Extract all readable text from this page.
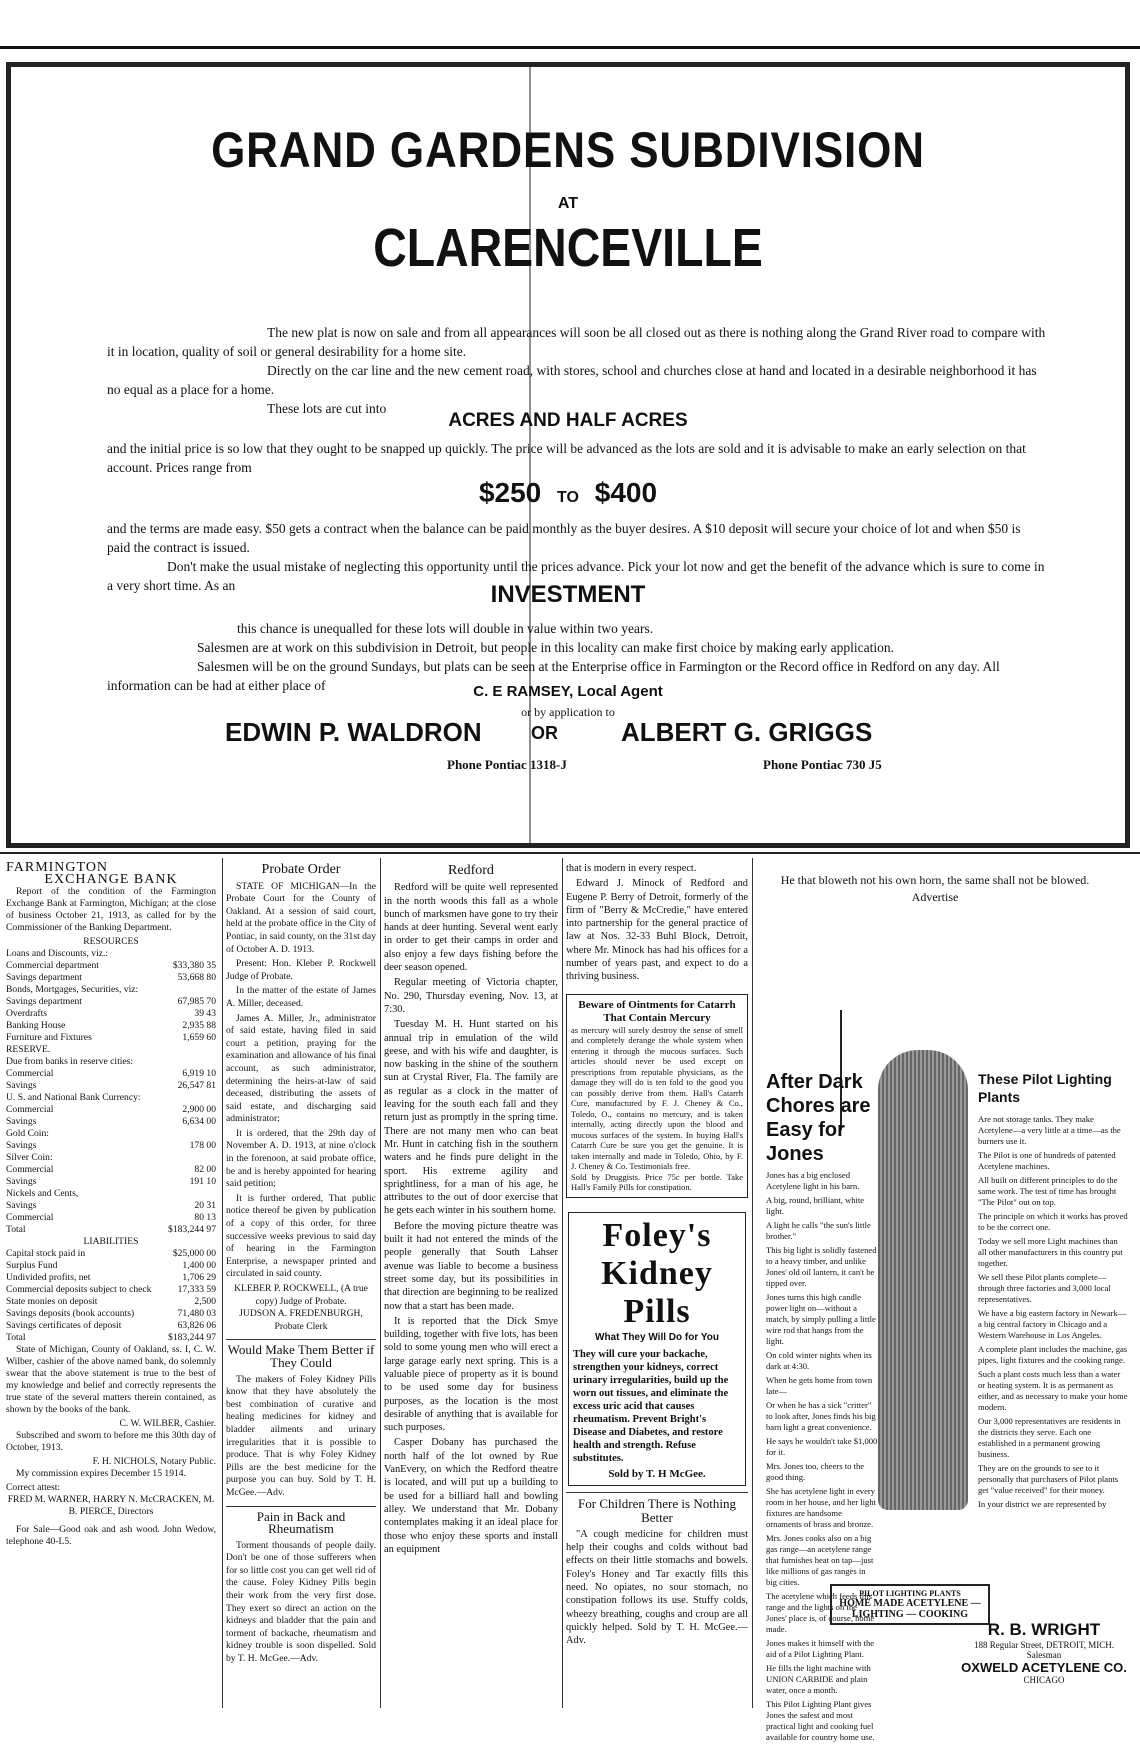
GRAND GARDENS SUBDIVISION
AT
CLARENCEVILLE

The new plat is now on sale and from all appearances will soon be all closed out as there is nothing along the Grand River road to compare with it in location, quality of soil or general desirability for a home site.

Directly on the car line and the new cement road, with stores, school and churches close at hand and located in a desirable neighborhood it has no equal as a place for a home.

These lots are cut into

ACRES AND HALF ACRES

and the initial price is so low that they ought to be snapped up quickly. The price will be advanced as the lots are sold and it is advisable to make an early selection on that account. Prices range from

$250 TO $400

and the terms are made easy. $50 gets a contract when the balance can be paid monthly as the buyer desires. A $10 deposit will secure your choice of lot and when $50 is paid the contract is issued.

Don't make the usual mistake of neglecting this opportunity until the prices advance. Pick your lot now and get the benefit of the advance which is sure to come in a very short time. As an	INVESTMENT

this chance is unequalled for these lots will double in value within two years.

Salesmen are at work on this subdivision in Detroit, but people in this locality can make first choice by making early application.

Salesmen will be on the ground Sundays, but plats can be seen at the Enterprise office in Farmington or the Record office in Redford on any day. All information can be had at either place of	C. E RAMSEY, Local Agent
or by application to
EDWIN P. WALDRON	OR ALBERT G. GRIGGS
Phone Pontiac 1318-J	Phone Pontiac 730 J5
FARMINGTON
EXCHANGE BANK

Report of the condition of the Farmington Exchange Bank at Farmington, Michigan; at the close of business October 21, 1913, as called for by the Commissioner of the Banking Department.

RESOURCES
Loans and Discounts, viz.:
Commercial department	$33,380 35
Savings department	53,668 80
Bonds, Mortgages, Securities, viz:
Savings department	67,985 70
Overdrafts	39 43
Banking House	2,935 88
Furniture and Fixtures	1,659 60
RESERVE.
Due from banks in reserve cities:
Commercial	6,919 10
Savings	26,547 81
U. S. and National Bank Currency:
Commercial	2,900 00
Savings	6,634 00
Gold Coin:
Savings	178 00
Silver Coin:
Commercial	82 00
Savings	191 10
Nickels and Cents,
Savings	20 31
Commercial	80 13
Total	$183,244 97
LIABILITIES
Capital stock paid in	$25,000 00
Surplus Fund	1,400 00
Undivided profits, net	1,706 29
Commercial deposits subject to check	17,333 59
State monies on deposit	2,500
Savings deposits (book accounts)	71,480 03
Savings certificates of deposit	63,826 06
Total	$183,244 97

State of Michigan, County of Oakland, ss. I, C. W. Wilber, cashier of the above named bank, do solemnly swear that the above statement is true to the best of my knowledge and belief and correctly represents the true state of the several matters therein contained, as shown by the books of the bank.

C. W. WILBER, Cashier.

Subscribed and sworn to before me this 30th day of October, 1913.

F. H. NICHOLS, Notary Public.

My commission expires December 15 1914.

Correct attest:
FRED M. WARNER, HARRY N. McCRACKEN, M. B. PIERCE, Directors

For Sale—Good oak and ash wood. John Wedow, telephone 40-L5.

Probate Order

STATE OF MICHIGAN—In the Probate Court for the County of Oakland. At a session of said court, held at the probate office in the City of Pontiac, in said county, on the 31st day of October A. D. 1913.

Present: Hon. Kleber P. Rockwell Judge of Probate.

In the matter of the estate of James A. Miller, deceased.

James A. Miller, Jr., administrator of said estate, having filed in said court a petition, praying for the examination and allowance of his final account, as such administrator, determining the heirs-at-law of said deceased, distributing the assets of said estate, and discharging said administrator;

It is ordered, that the 29th day of November A. D. 1913, at nine o'clock in the forenoon, at said probate office, be and is hereby appointed for hearing said petition;

It is further ordered, That public notice thereof be given by publication of a copy of this order, for three successive weeks previous to said day of hearing in the Farmington Enterprise, a newspaper printed and circulated in said county.

KLEBER P. ROCKWELL, (A true copy) Judge of Probate.
JUDSON A. FREDENBURGH, Probate Clerk
Would Make Them Better if They Could

The makers of Foley Kidney Pills know that they have absolutely the best combination of curative and healing medicines for kidney and bladder ailments and urinary irregularities that it is possible to produce. That is why Foley Kidney Pills are the best medicine for the purpose you can buy. Sold by T. H. McGee.—Adv.

Pain in Back and Rheumatism

Torment thousands of people daily. Don't be one of those sufferers when for so little cost you can get well rid of the cause. Foley Kidney Pills begin their work from the very first dose. They exert so direct an action on the kidneys and bladder that the pain and torment of backache, rheumatism and kidney trouble is soon dispelled. Sold by T. H. McGee.—Adv.

Redford

Redford will be quite well represented in the north woods this fall as a whole bunch of marksmen have gone to try their hands at deer hunting. Several went early in order to get their camps in order and also enjoy a few days fishing before the deer season opened.

Regular meeting of Victoria chapter, No. 290, Thursday evening, Nov. 13, at 7:30.

Tuesday M. H. Hunt started on his annual trip in emulation of the wild geese, and with his wife and daughter, is now basking in the shine of the southern sun at Crystal River, Fla. The family are as regular as a clock in the matter of leaving for the south each fall and they return just as promptly in the spring time. There are not many men who can beat Mr. Hunt in catching fish in the southern waters and he finds pure delight in the sport. His extreme agility and sprightliness, for a man of his age, he attributes to the out of door exercise that he gets each winter in his southern home.

Before the moving picture theatre was built it had not entered the minds of the people generally that South Lahser avenue was liable to become a business street some day, but its possibilities in that direction are beginning to be realized now that a start has been made.

It is reported that the Dick Smye building, together with five lots, has been sold to some young men who will erect a large garage early next spring. This is a valuable piece of property as it is bound to be used some day for business purposes, as the location is the most desirable of anything that is available for such purposes.

Casper Dobany has purchased the north half of the lot owned by Rue VanEvery, on which the Redford theatre is located, and will put up a building to be used for a billiard hall and bowling alley. We understand that Mr. Dobany contemplates making it an ideal place for those who enjoy these sports and install an equipment

that is modern in every respect.

Edward J. Minock of Redford and Eugene P. Berry of Detroit, formerly of the firm of "Berry & McCredie," have entered into partnership for the general practice of law at Nos. 32-33 Buhl Block, Detroit, where Mr. Minock has had his offices for a number of years past, and expect to do a thriving business.

Beware of Ointments for Catarrh That Contain Mercury
as mercury will surely destroy the sense of smell and completely derange the whole system when entering it through the mucous surfaces. Such articles should never be used except on prescriptions from reputable physicians, as the damage they will do is ten fold to the good you can possibly derive from them. Hall's Catarrh Cure, manufactured by F. J. Cheney & Co., Toledo, O., contains no mercury, and is taken internally, acting directly upon the blood and mucous surfaces of the system. In buying Hall's Catarrh Cure be sure you get the genuine. It is taken internally and made in Toledo, Ohio, by F. J. Cheney & Co. Testimonials free.
Sold by Druggists. Price 75c per bottle. Take Hall's Family Pills for constipation.
Foley's
Kidney
Pills
What They Will Do for You
They will cure your backache, strengthen your kidneys, correct urinary irregularities, build up the worn out tissues, and eliminate the excess uric acid that causes rheumatism. Prevent Bright's Disease and Diabetes, and restore health and strength. Refuse substitutes.
Sold by T. H McGee.
For Children There is Nothing Better

"A cough medicine for children must help their coughs and colds without bad effects on their little stomachs and bowels. Foley's Honey and Tar exactly fills this need. No opiates, no sour stomach, no constipation follows its use. Stuffy colds, wheezy breathing, coughs and croup are all quickly helped. Sold by T. H. McGee.—Adv.

He that bloweth not his own horn, the same shall not be blowed. Advertise
After Dark Chores are Easy for Jones

Jones has a big enclosed Acetylene light in his barn.

A big, round, brilliant, white light.

A light he calls "the sun's little brother."

This big light is solidly fastened to a heavy timber, and unlike Jones' old oil lantern, it can't be tipped over.

Jones turns this high candle power light on—without a match, by simply pulling a little wire rod that hangs from the light.

On cold winter nights when its dark at 4:30.

When he gets home from town late—

Or when he has a sick "critter" to look after, Jones finds his big barn light a great convenience.

He says he wouldn't take $1,000 for it.

Mrs. Jones too, cheers to the good thing.

She has acetylene light in every room in her house, and her light fixtures are handsome ornaments of brass and bronze.

Mrs. Jones cooks also on a big gas range—an acetylene range that furnishes heat on tap—just like millions of gas ranges in big cities.

The acetylene which feeds this range and the lights on the Jones' place is, of course, home made.

Jones makes it himself with the aid of a Pilot Lighting Plant.

He fills the light machine with UNION CARBIDE and plain water, once a month.

This Pilot Lighting Plant gives Jones the safest and most practical light and cooking fuel available for country home use.

These Pilot Lighting Plants

Are not storage tanks. They make Acetylene—a very little at a time—as the burners use it.

The Pilot is one of hundreds of patented Acetylene machines.

All built on different principles to do the same work. The test of time has brought "The Pilot" out on top.

The principle on which it works has proved to be the correct one.

Today we sell more Light machines than all other manufacturers in this country put together.

We sell these Pilot plants complete—through three factories and 3,000 local representatives.

We have a big eastern factory in Newark—a big central factory in Chicago and a Western Warehouse in Los Angeles.

A complete plant includes the machine, gas pipes, light fixtures and the cooking range.

Such a plant costs much less than a water or heating system. It is as permanent as either, and as necessary to make your home modern.

Our 3,000 representatives are residents in the districts they serve. Each one established in a permanent growing business.

They are on the grounds to see to it personally that purchasers of Pilot plants get "value received" for their money.

In your district we are represented by

PILOT LIGHTING PLANTS
HOME MADE ACETYLENE — LIGHTING — COOKING
R. B. WRIGHT
188 Regular Street, DETROIT, MICH.
Salesman
OXWELD ACETYLENE CO.
CHICAGO
